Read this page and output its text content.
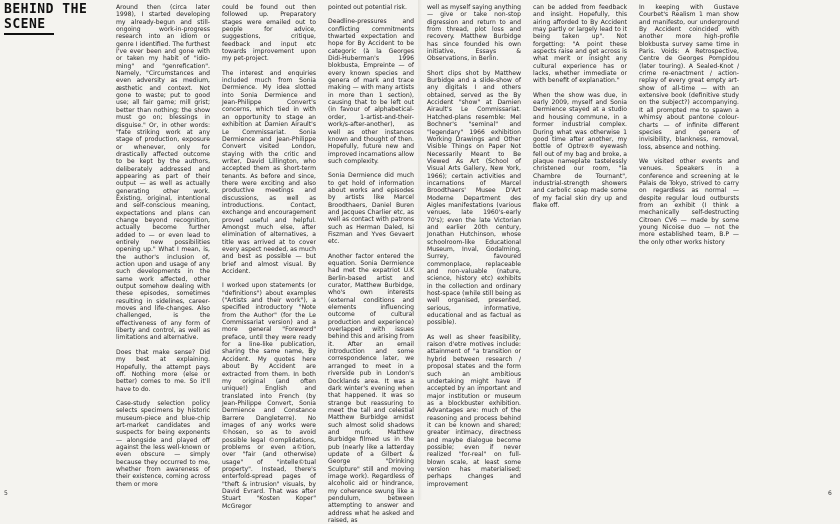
BEHIND THE
SCENE

Around then (circa later 1998), I started developing my already-begun and still-ongoing work-in-progress research into an idiom or genre I identified. The furthest I've ever been and gone with or taken my habit of "idio-ming" and "genrefication". Namely, "Circumstances and even adversity as medium, æsthetic and context. Not gone to waste; put to good use; all fair game; mill grist; better than nothing; the show must go on; blessings in disguise." Or, in other words: "fate striking work at any stage of production, exposure or whenever, only for drastically affected outcome to be kept by the authors, deliberately addressed and appearing as part of their output — as well as actually generating other work. Existing, original, intentional and self-conscious meaning, expectations and plans can change beyond recognition, actually become further added to — or even lead to entirely new possibilities opening up." What I mean, is, the author's inclusion of, action upon and usage of any such developments in the same work affected, other output somehow dealing with these episodes, sometimes resulting in sidelines, career-moves and life-changes. Also challenged, is the effectiveness of any form of liberty and control, as well as limitations and alternative.

Does that make sense? Did my best at explaining. Hopefully, the attempt pays off. Nothing more (else or better) comes to me. So it'll have to do.

Case-study selection policy selects specimens by historic museum-piece and blue-chip art-market candidates and suspects for being exponents — alongside and played off against the less well-known or even obscure — simply because they occurred to me, whether from awareness of their existence, coming across them or more

could be found out then followed up. Preparatory stages were emailed out to people for advice, suggestions, critique, feedback and input etc towards improvement upon my pet-project.

The interest and enquiries included much from Sonia Dermience. My idea slotted into Sonia Dermience and Jean-Philippe Convert's concerns, which tied in with an opportunity to stage an exhibition at Damien Airault's Le Commissariat. Sonia Dermience and Jean-Philippe Convert visited London, staying with the critic and writer, David Lillington, who accepted them as short-term tenants. As before and since, there were exciting and also productive meetings and discussions, as well as introductions. Contact, exchange and encouragement proved useful and helpful. Amongst much else, after elimination of alternatives, a title was arrived at to cover every aspect needed, as much and best as possible — but brief and almost visual. By Accident.

I worked upon statements (or "definitions") about examples ("Artists and their work"), a specified introductory "Note from the Author" (for the Le Commissariat version) and a more general "Foreword" preface, until they were ready for a line-like publication, sharing the same name, By Accident. My quotes here about By Accident are extracted from them. In both my original (and often unique!) English and translated into French (by Jean-Philippe Convert, Sonia Dermience and Constance Barrere Dangleterre). No images of any works were ©hosen, so as to avoid possible legal ©omplidations, problems or even a©tion, over "fair (and otherwise) usage" of "intelle©tual property". Instead, there's enterfold-spread pages of "theft & intrusion" visuals, by David Evrard. That was after Stuart "Kosten Koper" McGregor

pointed out potential risk.

Deadline-pressures and conflicting commitments thwarted expectation and hope for By Accident to be categoric (à la Georges Didi-Huberman's 1996 blokbusta, Empreinte — of every known species and genera of mark and trace making — with many artists in more than 1 section), causing that to be left out (in favour of alphabetical-order, 1-artist-and-their-work/s-after-another), as well as other instances known and thought of then. Hopefully, future new and improved incarnations allow such complexity.

Sonia Dermience did much to get hold of information about works and episodes by artists like Marcel Broodthaers, Daniel Buren and Jacques Charlier etc, as well as contact with patrons such as Herman Daled, Isi Fiszman and Yves Gevaert etc.

Another factor entered the equation. Sonia Dermience had met the expatriot U.K Berlin-based artist and curator, Matthew Burbidge, who's own interests (external conditions and elements influencing outcome of cultural production and experience) overlapped with issues behind this and arising from it. After an email introduction and some correspondence later, we arranged to meet in a riverside pub in London's Docklands area. It was a dark winter's evening when that happened. It was so strange but reassuring to meet the tall and celestial Matthew Burbidge amidst such almost solid shadows and murk. Matthew Burbidge filmed us in the pub (nearly like a latterday update of a Gilbert & George "Drinking Sculpture" still and moving image work). Regardless of alcoholic aid or hindrance, my coherence swung like a pendulum, between attempting to answer and address what he asked and raised, as

well as myself saying anything — give or take non-stop digression and return to and from thread, plot loss and recovery. Matthew Burbidge has since founded his own initiative, Essays & Observations, in Berlin.

Short clips shot by Matthew Burbidge and a slide-show of any digitals I and others obtained, served as the By Accident "show" at Damien Airault's Le Commissariat. Hatched-plans resemble: Mel Bochner's "seminal" and "legendary" 1966 exhibition Working Drawings and Other Visible Things on Paper Not Necessarily Meant to Be Viewed As Art (School of Visual Arts Gallery, New York, 1966); certain activities and incarnations of Marcel Broodthaers' Musee D'Art Moderne Department des Aigles manifestations (various venues, late 1960's-early 70's); even the late Victorian and earlier 20th century, Jonathan Hutchinson, whose schoolroom-like Educational Museum, Inval, Godalming, Surrey, favoured commonplace, replaceable and non-valuable (nature, science, history etc) exhibits in the collection and ordinary host-space (while still being as well organised, presented, serious, informative, educational and as factual as possible).

As well as sheer feasibility, raison d'etre motives include: attainment of "a transition or hybrid between research / proposal states and the form such an ambitious undertaking might have if accepted by an important and major institution or museum as a blockbuster exhibition. Advantages are: much of the reasoning and process behind it can be known and shared; greater intimacy, directness and maybe dialogue become possible; even if never realized "for-real" on full-blown scale, at least some version has materialised; perhaps changes and improvement

can be added from feedback and insight. Hopefully, this airing afforded to By Accident may partly or largely lead to it being taken up". Not forgetting: "A point these aspects raise and get across is what merit or insight any cultural experience has or lacks, whether immediate or with benefit of explanation."

When the show was due, in early 2009, myself and Sonia Dermience stayed at a studio and housing commune, in a former industrial complex. During what was otherwise 1 good time after another, my bottle of Optrex® eyewash fell out of my bag and broke, a plaque nameplate tastelessly christened our room, "la Chambre de Tournant", industrial-strength showers and carbolic soap made some of my facial skin dry up and flake off.

In keeping with Gustave Courbet's Realism 1 man show and manifesto, our underground By Accident coincided with another more high-profile blokbusta survey same time in Paris. Voids: A Retrospective, Centre de Georges Pompidou (later touring). A Sealed-Knot / crime re-enactment / action-replay of every great empty art-show of all-time — with an extensive book (definitive study on the subject?) accompanying. It all prompted me to spawn a whimsy about pantone colour-charts — of infinite different species and genera of invisibility, blankness, removal, loss, absence and nothing.

We visited other events and venues. Speakers in a conference and screening at le Palais de Tokyo, strived to carry on regardless as normal — despite regular loud outbursts from an exhibit (I think a mechanically self-destructing Citroen CV6 — made by some young Nicoise duo — not the more established team, B.P — the only other works history

5	6
